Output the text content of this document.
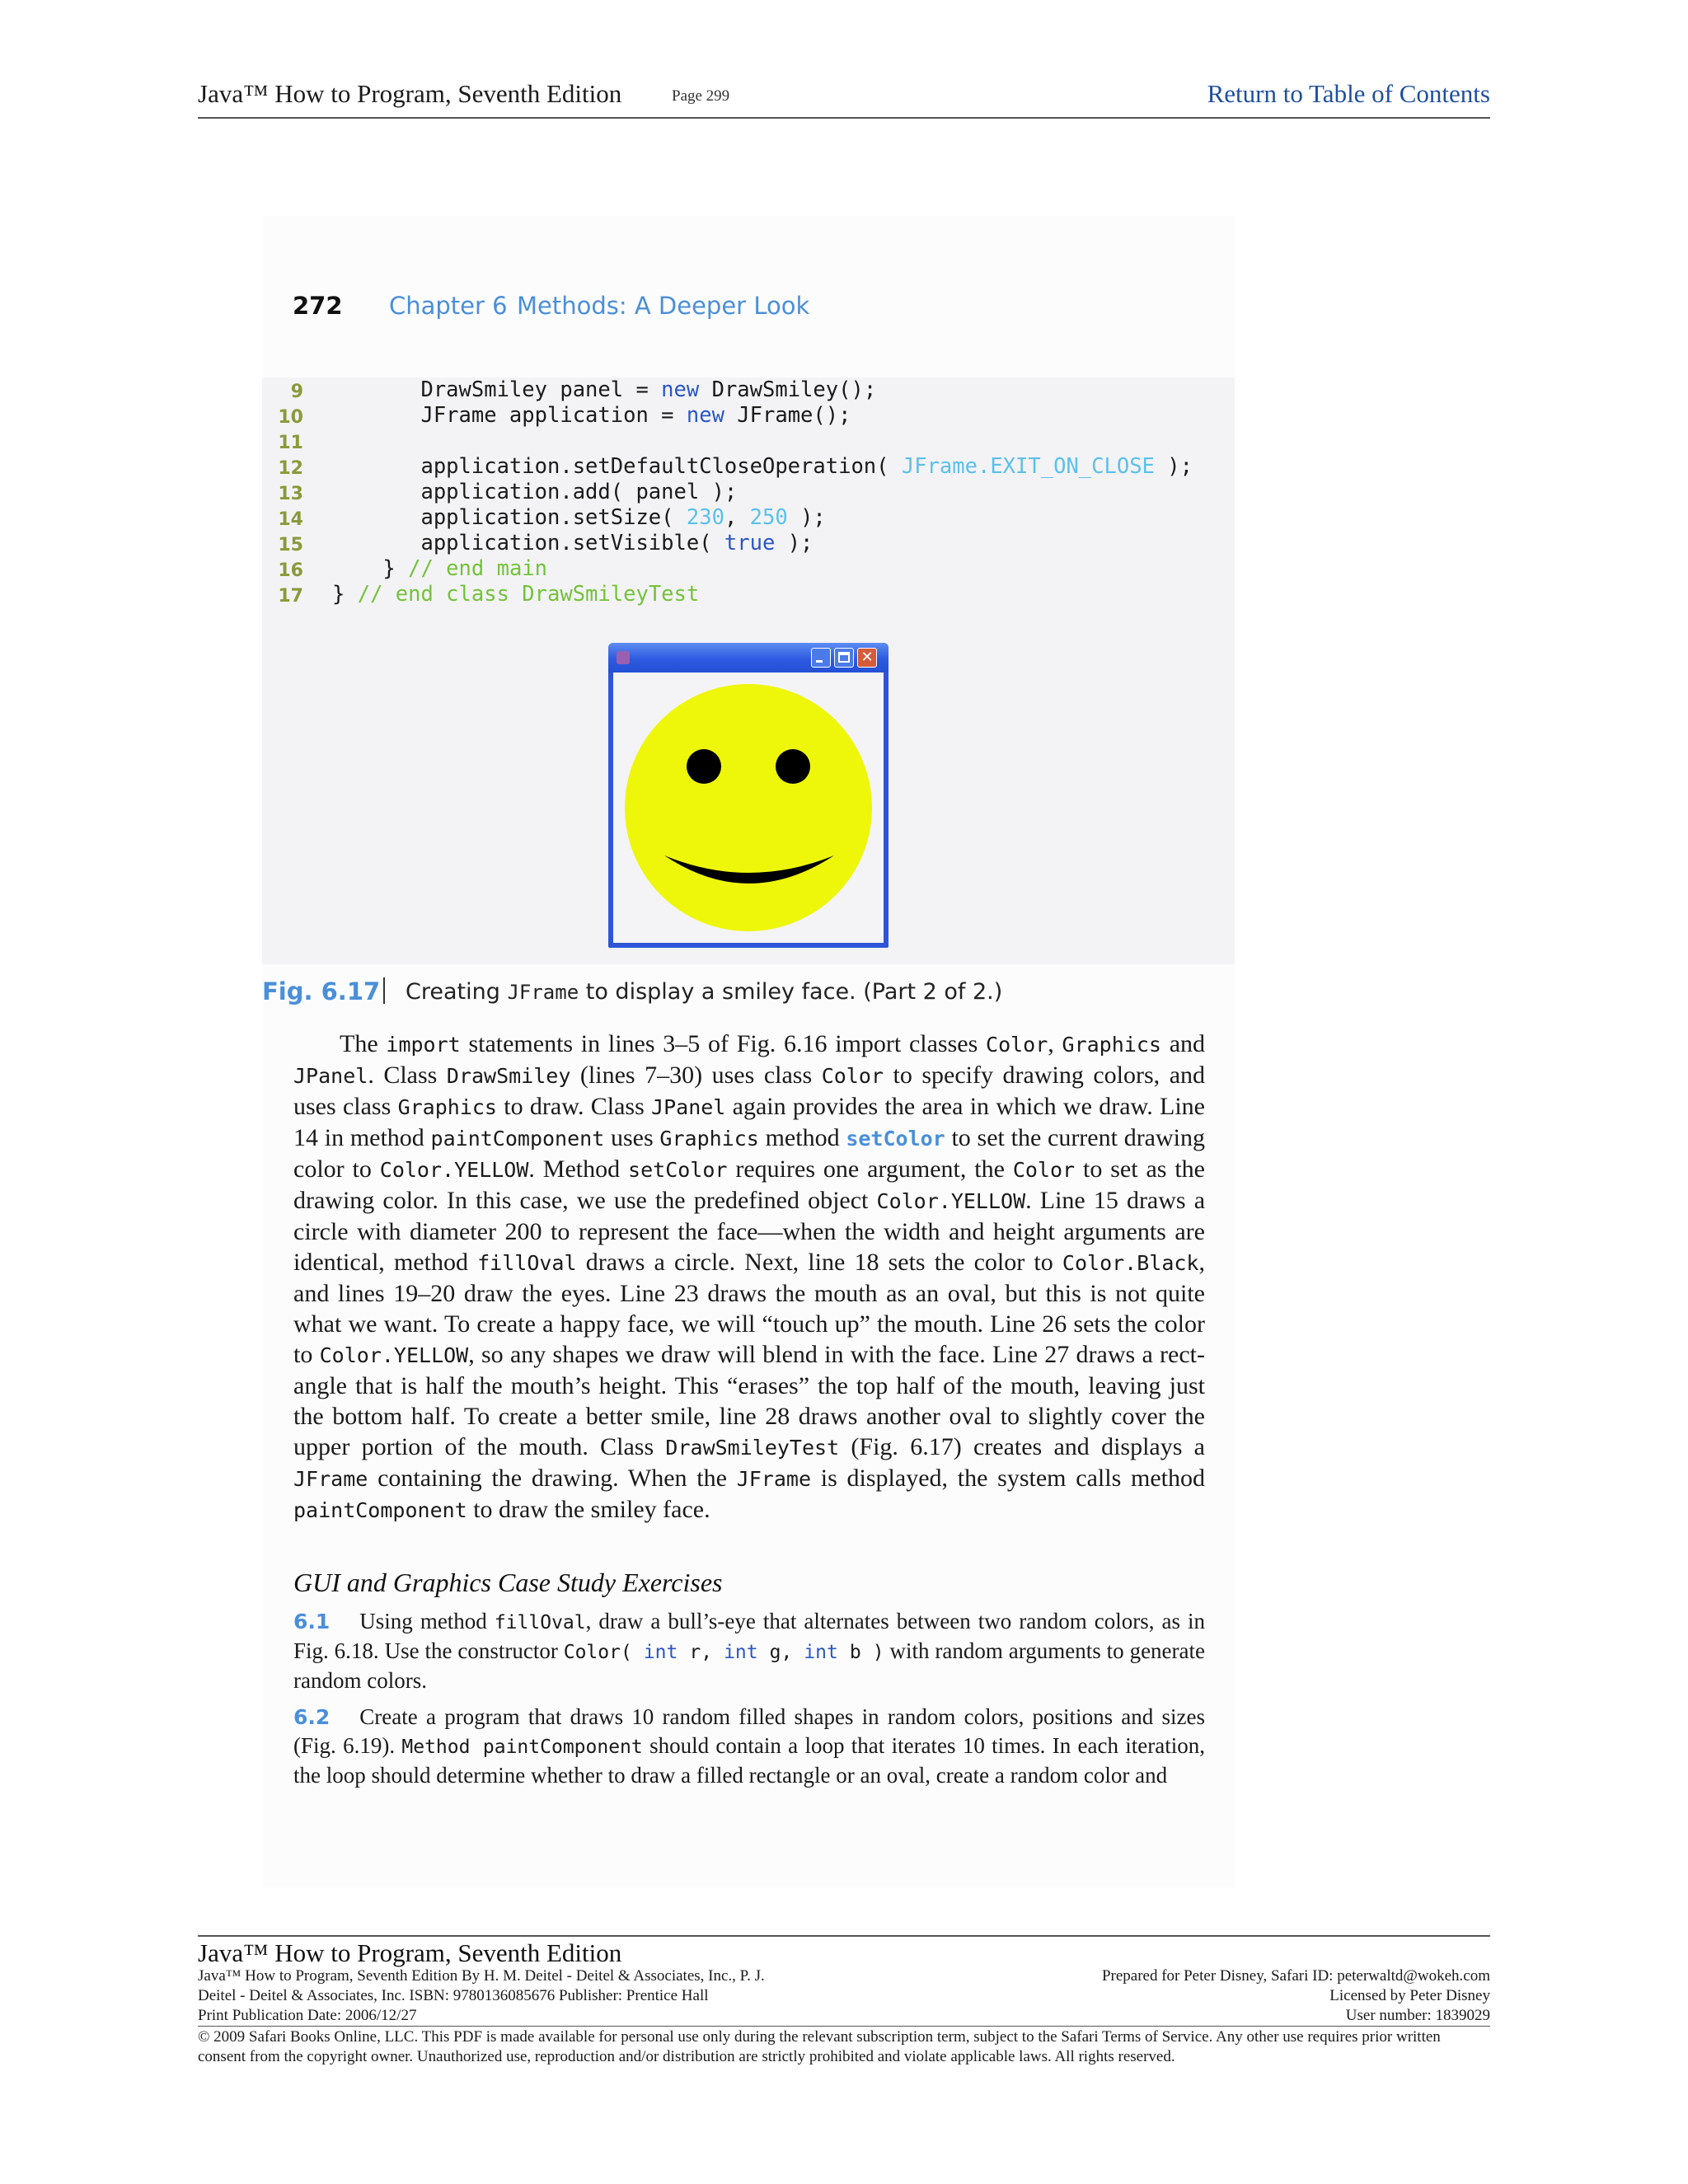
Java™ How to Program, Seventh Edition	Page 299	Return to Table of Contents
272 Chapter 6 Methods: A Deeper Look
9 DrawSmiley panel = new DrawSmiley();
10 JFrame application = new JFrame();
11
12 application.setDefaultCloseOperation( JFrame.EXIT_ON_CLOSE );
13 application.add( panel );
14 application.setSize( 230, 250 );
15 application.setVisible( true );
16 } // end main
17 } // end class DrawSmileyTest
✕
Fig. 6.17 Creating JFrame to display a smiley face. (Part 2 of 2.)
The import statements in lines 3–5 of Fig. 6.16 import classes Color, Graphics and JPanel. Class DrawSmiley (lines 7–30) uses class Color to specify drawing colors, and uses class Graphics to draw. Class JPanel again provides the area in which we draw. Line 14 in method paintComponent uses Graphics method setColor to set the current drawing color to Color.YELLOW. Method setColor requires one argument, the Color to set as the drawing color. In this case, we use the predefined object Color.YELLOW. Line 15 draws a circle with diameter 200 to represent the face—when the width and height arguments are identical, method fillOval draws a circle. Next, line 18 sets the color to Color.Black, and lines 19–20 draw the eyes. Line 23 draws the mouth as an oval, but this is not quite what we want. To create a happy face, we will “touch up” the mouth. Line 26 sets the color to Color.YELLOW, so any shapes we draw will blend in with the face. Line 27 draws a rect-angle that is half the mouth’s height. This “erases” the top half of the mouth, leaving just the bottom half. To create a better smile, line 28 draws another oval to slightly cover the upper portion of the mouth. Class DrawSmileyTest (Fig. 6.17) creates and displays a JFrame containing the drawing. When the JFrame is displayed, the system calls method paintComponent to draw the smiley face.
GUI and Graphics Case Study Exercises
6.1 Using method fillOval, draw a bull’s-eye that alternates between two random colors, as in Fig. 6.18. Use the constructor Color( int r, int g, int b ) with random arguments to generate random colors.
6.2 Create a program that draws 10 random filled shapes in random colors, positions and sizes (Fig. 6.19). Method paintComponent should contain a loop that iterates 10 times. In each iteration, the loop should determine whether to draw a filled rectangle or an oval, create a random color and
Java™ How to Program, Seventh Edition
Java™ How to Program, Seventh Edition By H. M. Deitel - Deitel & Associates, Inc., P. J.
Deitel - Deitel & Associates, Inc. ISBN: 9780136085676 Publisher: Prentice Hall
Print Publication Date: 2006/12/27
Prepared for Peter Disney, Safari ID: peterwaltd@wokeh.com
Licensed by Peter Disney
User number: 1839029
© 2009 Safari Books Online, LLC. This PDF is made available for personal use only during the relevant subscription term, subject to the Safari Terms of Service. Any other use requires prior written consent from the copyright owner. Unauthorized use, reproduction and/or distribution are strictly prohibited and violate applicable laws. All rights reserved.
